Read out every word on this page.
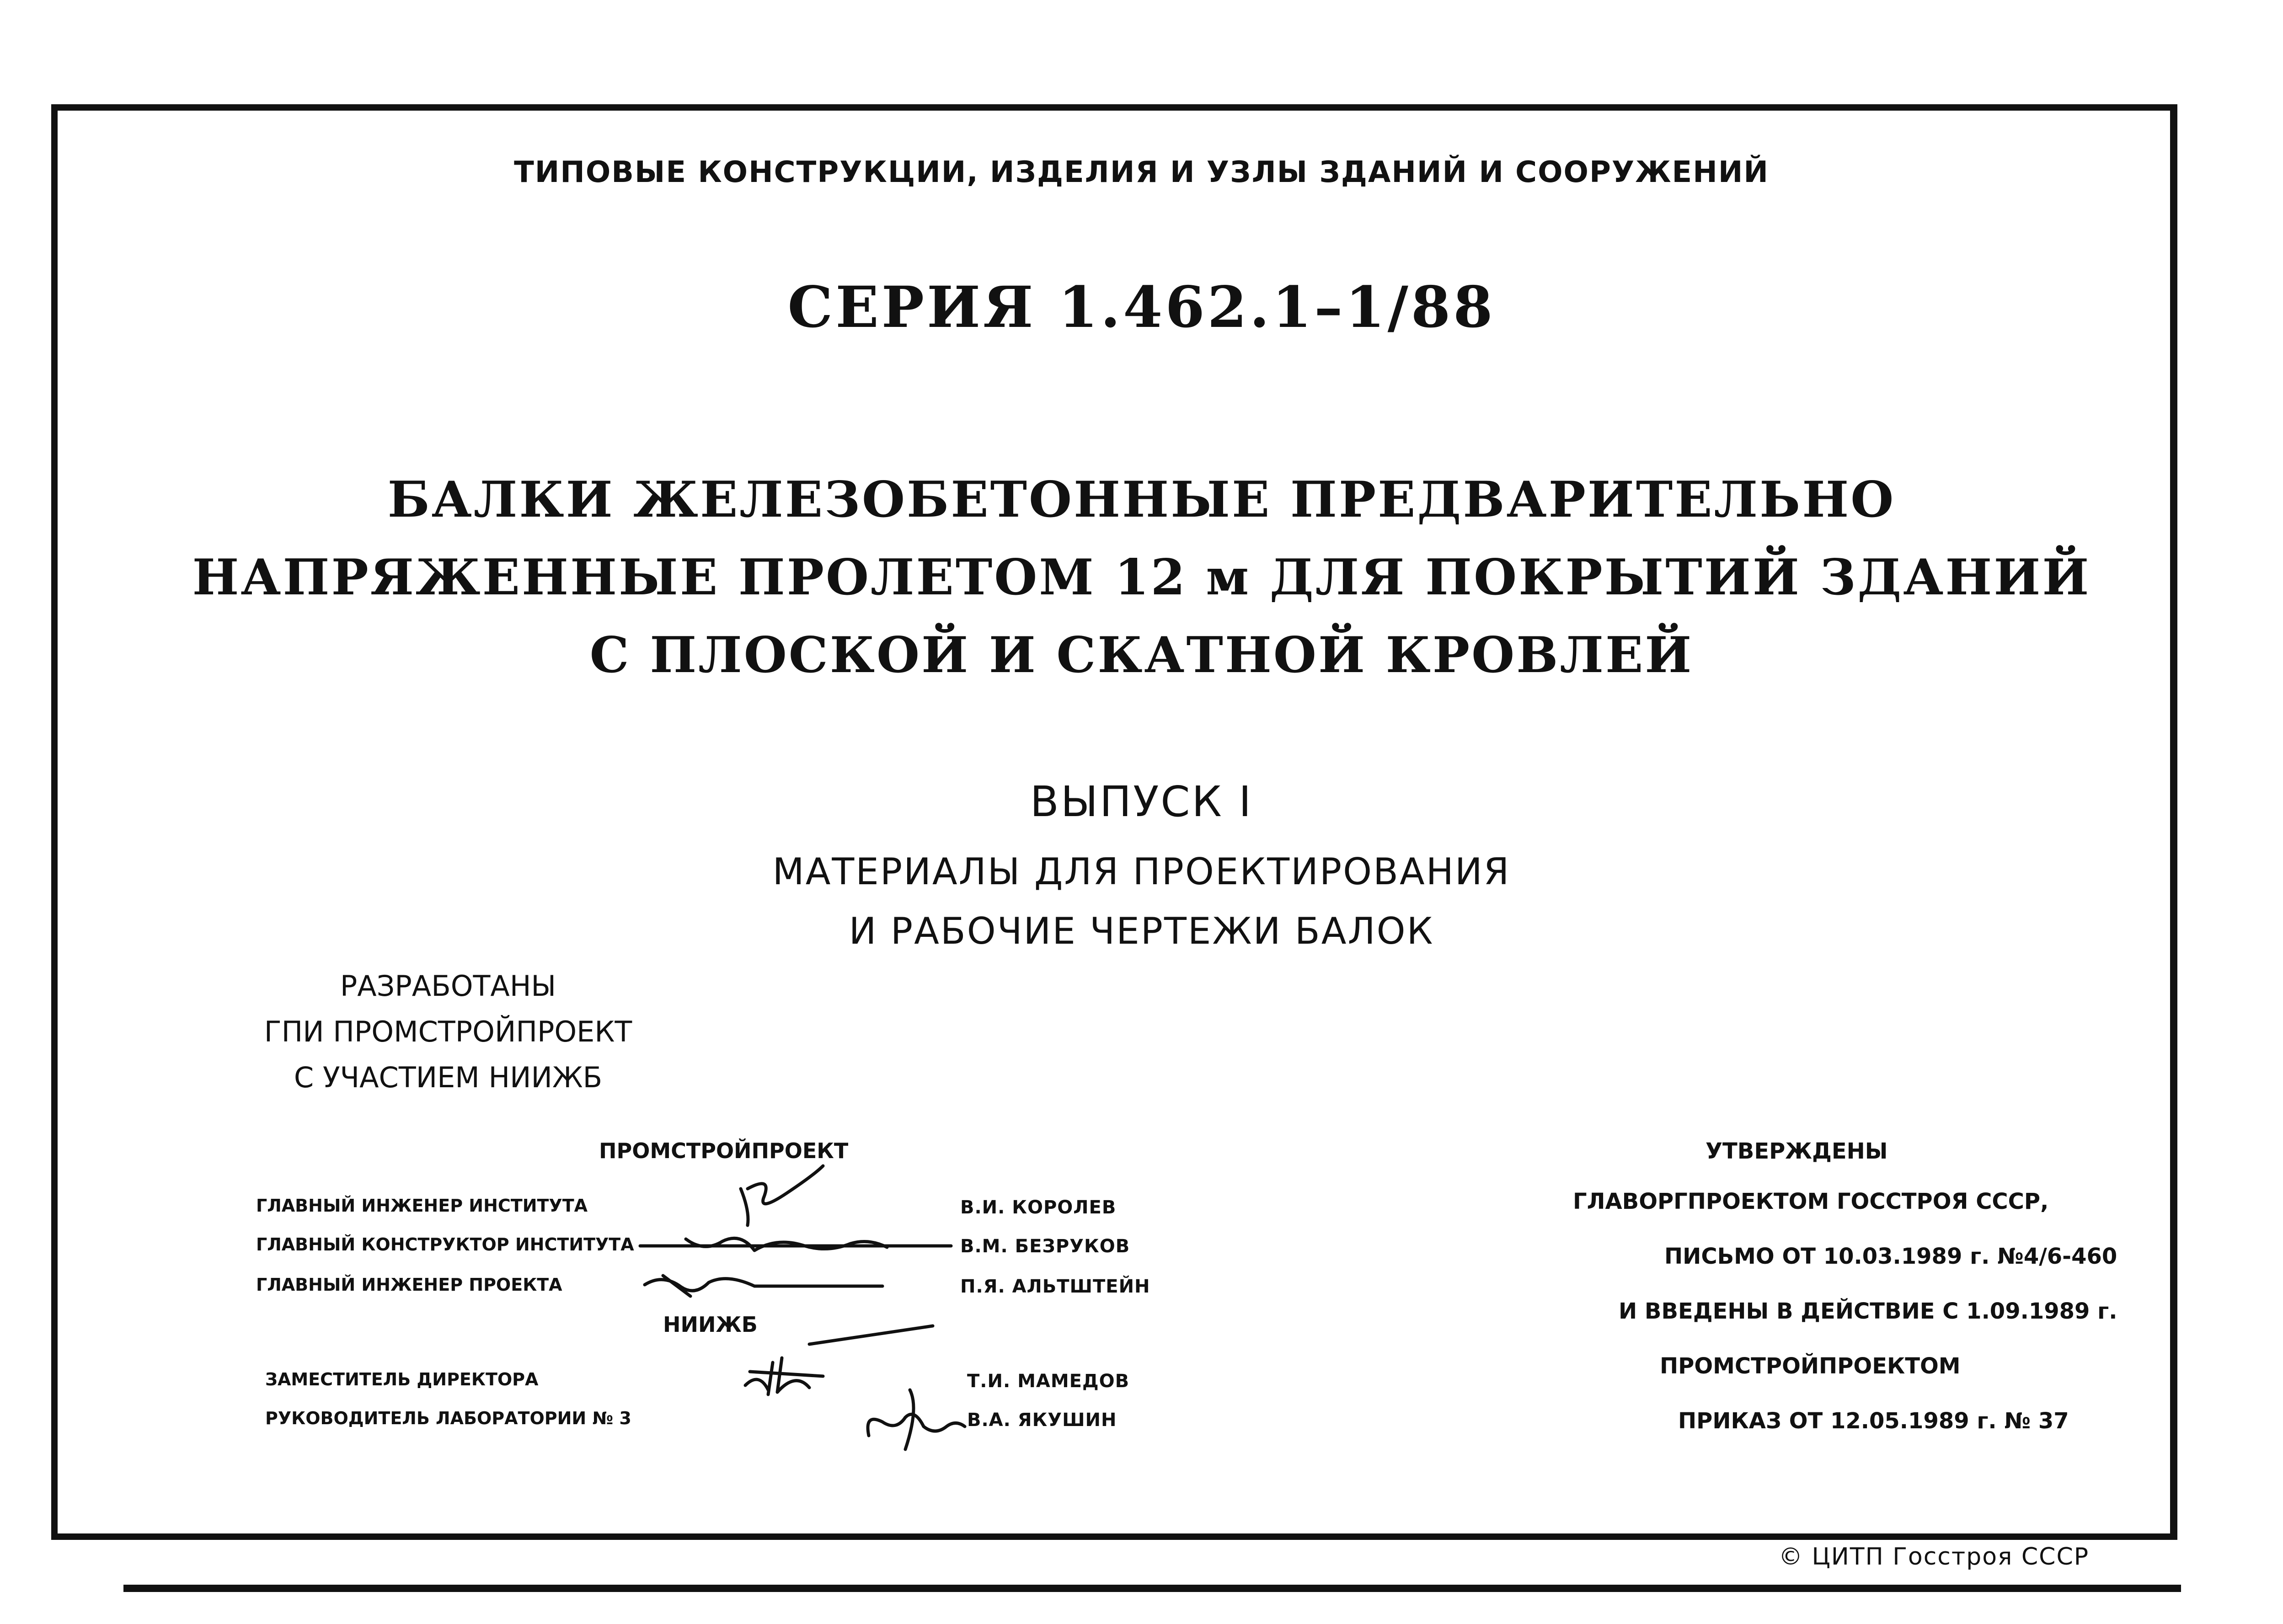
ТИПОВЫЕ КОНСТРУКЦИИ, ИЗДЕЛИЯ И УЗЛЫ ЗДАНИЙ И СООРУЖЕНИЙ
СЕРИЯ 1.462.1–1/88
БАЛКИ ЖЕЛЕЗОБЕТОННЫЕ ПРЕДВАРИТЕЛЬНО
НАПРЯЖЕННЫЕ ПРОЛЕТОМ 12 м ДЛЯ ПОКРЫТИЙ ЗДАНИЙ
С ПЛОСКОЙ И СКАТНОЙ КРОВЛЕЙ
ВЫПУСК I
МАТЕРИАЛЫ ДЛЯ ПРОЕКТИРОВАНИЯ
И РАБОЧИЕ ЧЕРТЕЖИ БАЛОК
РАЗРАБОТАНЫ
ГПИ ПРОМСТРОЙПРОЕКТ
С УЧАСТИЕМ НИИЖБ
ПРОМСТРОЙПРОЕКТ
ГЛАВНЫЙ ИНЖЕНЕР ИНСТИТУТА	В.И. КОРОЛЕВ
ГЛАВНЫЙ КОНСТРУКТОР ИНСТИТУТА	В.М. БЕЗРУКОВ
ГЛАВНЫЙ ИНЖЕНЕР ПРОЕКТА	П.Я. АЛЬТШТЕЙН
НИИЖБ
ЗАМЕСТИТЕЛЬ ДИРЕКТОРА	Т.И. МАМЕДОВ
РУКОВОДИТЕЛЬ ЛАБОРАТОРИИ № 3	В.А. ЯКУШИН
УТВЕРЖДЕНЫ
ГЛАВОРГПРОЕКТОМ ГОССТРОЯ СССР,
ПИСЬМО ОТ 10.03.1989 г. №4/6-460
И ВВЕДЕНЫ В ДЕЙСТВИЕ С 1.09.1989 г.
ПРОМСТРОЙПРОЕКТОМ
ПРИКАЗ ОТ 12.05.1989 г. № 37
© ЦИТП Госстроя СССР
